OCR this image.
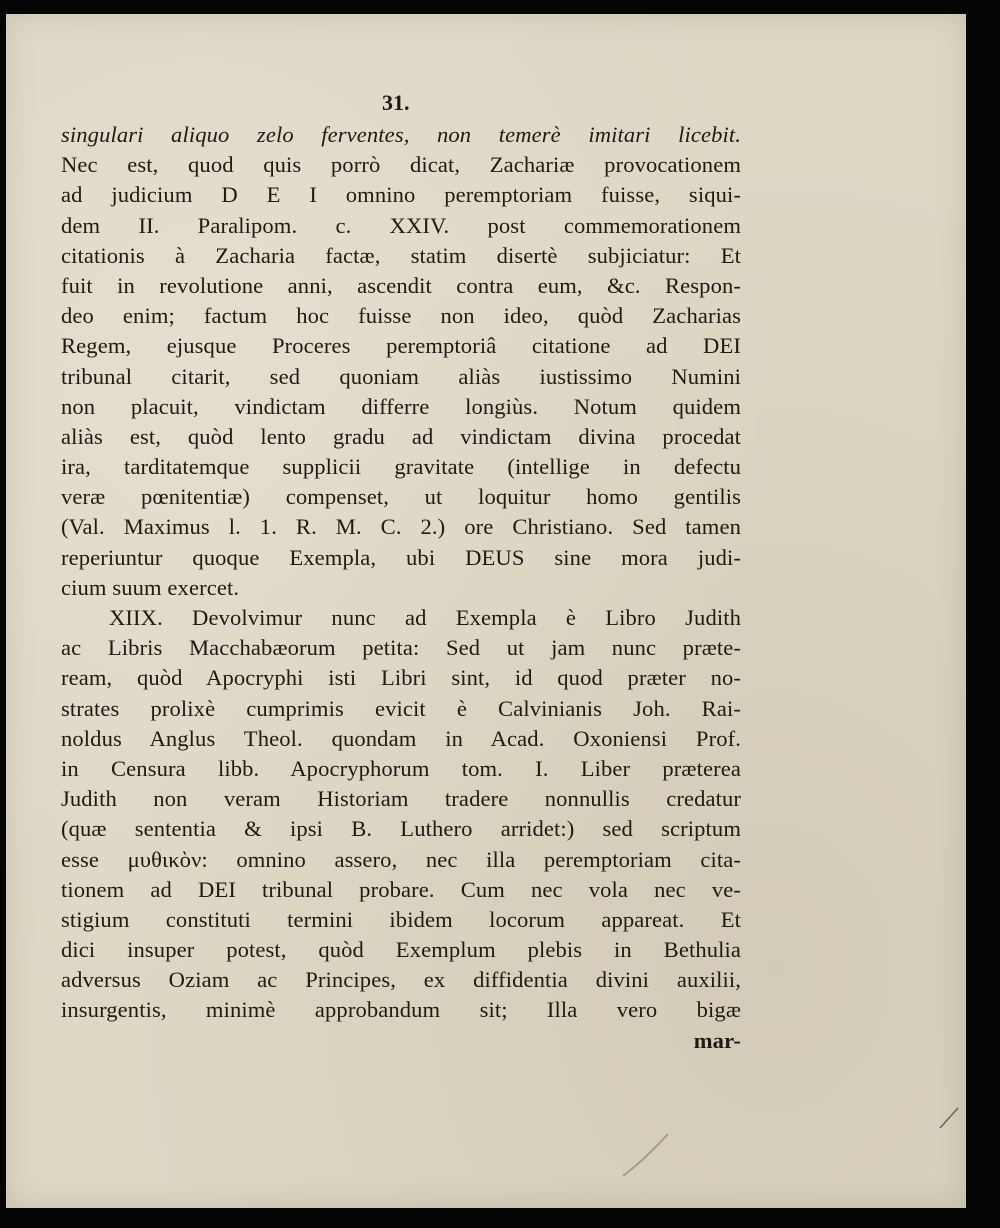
31.
singulari aliquo zelo ferventes, non temerè imitari licebit.
Nec est, quod quis porrò dicat, Zachariæ provocationem
ad judicium D E I omnino peremptoriam fuisse, siqui-
dem II. Paralipom. c. XXIV. post commemorationem
citationis à Zacharia factæ, statim disertè subjiciatur: Et
fuit in revolutione anni, ascendit contra eum, &c. Respon-
deo enim; factum hoc fuisse non ideo, quòd Zacharias
Regem, ejusque Proceres peremptoriâ citatione ad DEI
tribunal citarit, sed quoniam aliàs iustissimo Numini
non placuit, vindictam differre longiùs. Notum quidem
aliàs est, quòd lento gradu ad vindictam divina procedat
ira, tarditatemque supplicii gravitate (intellige in defectu
veræ pœnitentiæ) compenset, ut loquitur homo gentilis
(Val. Maximus l. 1. R. M. C. 2.) ore Christiano. Sed tamen
reperiuntur quoque Exempla, ubi DEUS sine mora judi-
cium suum exercet.
XIIX. Devolvimur nunc ad Exempla è Libro Judith
ac Libris Macchabæorum petita: Sed ut jam nunc præte-
ream, quòd Apocryphi isti Libri sint, id quod præter no-
strates prolixè cumprimis evicit è Calvinianis Joh. Rai-
noldus Anglus Theol. quondam in Acad. Oxoniensi Prof.
in Censura libb. Apocryphorum tom. I. Liber præterea
Judith non veram Historiam tradere nonnullis credatur
(quæ sententia & ipsi B. Luthero arridet:) sed scriptum
esse μυθικὸν: omnino assero, nec illa peremptoriam cita-
tionem ad DEI tribunal probare. Cum nec vola nec ve-
stigium constituti termini ibidem locorum appareat. Et
dici insuper potest, quòd Exemplum plebis in Bethulia
adversus Oziam ac Principes, ex diffidentia divini auxilii,
insurgentis, minimè approbandum sit; Illa vero bigæ
mar-
